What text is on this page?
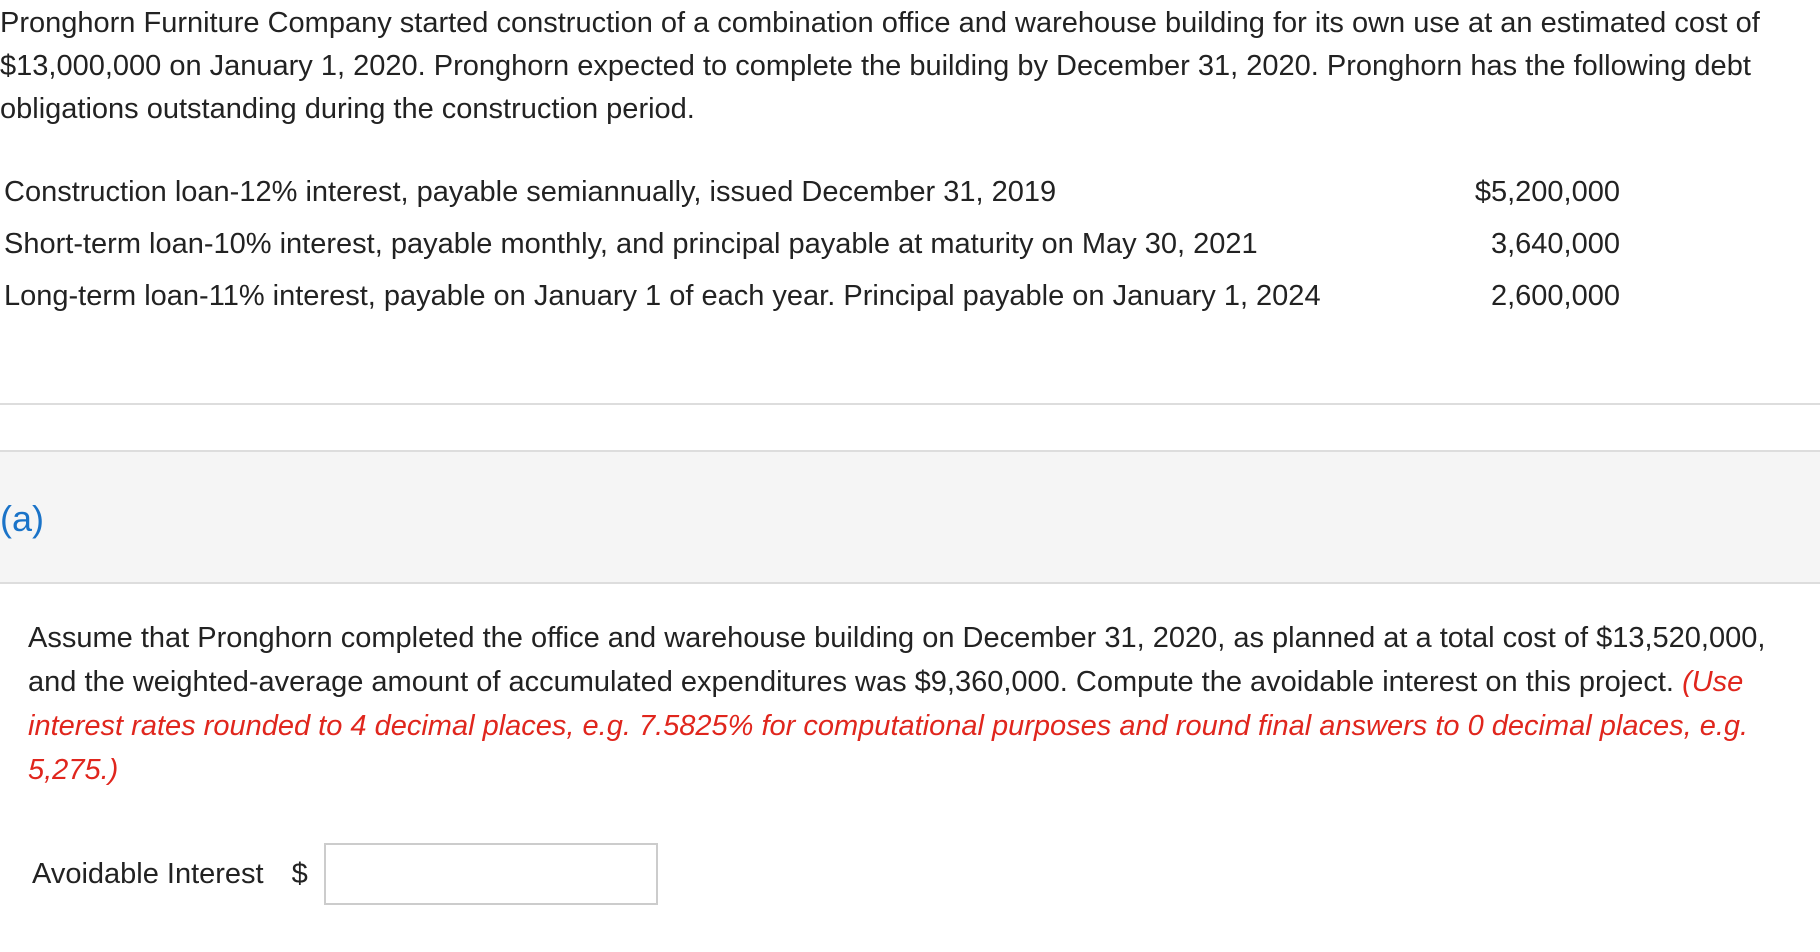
Pronghorn Furniture Company started construction of a combination office and warehouse building for its own use at an estimated cost of $13,000,000 on January 1, 2020. Pronghorn expected to complete the building by December 31, 2020. Pronghorn has the following debt obligations outstanding during the construction period.

Construction loan-12% interest, payable semiannually, issued December 31, 2019	$5,200,000
Short-term loan-10% interest, payable monthly, and principal payable at maturity on May 30, 2021	3,640,000
Long-term loan-11% interest, payable on January 1 of each year. Principal payable on January 1, 2024	2,600,000
(a)

Assume that Pronghorn completed the office and warehouse building on December 31, 2020, as planned at a total cost of $13,520,000, and the weighted-average amount of accumulated expenditures was $9,360,000. Compute the avoidable interest on this project. (Use interest rates rounded to 4 decimal places, e.g. 7.5825% for computational purposes and round final answers to 0 decimal places, e.g. 5,275.)

Avoidable Interest $
